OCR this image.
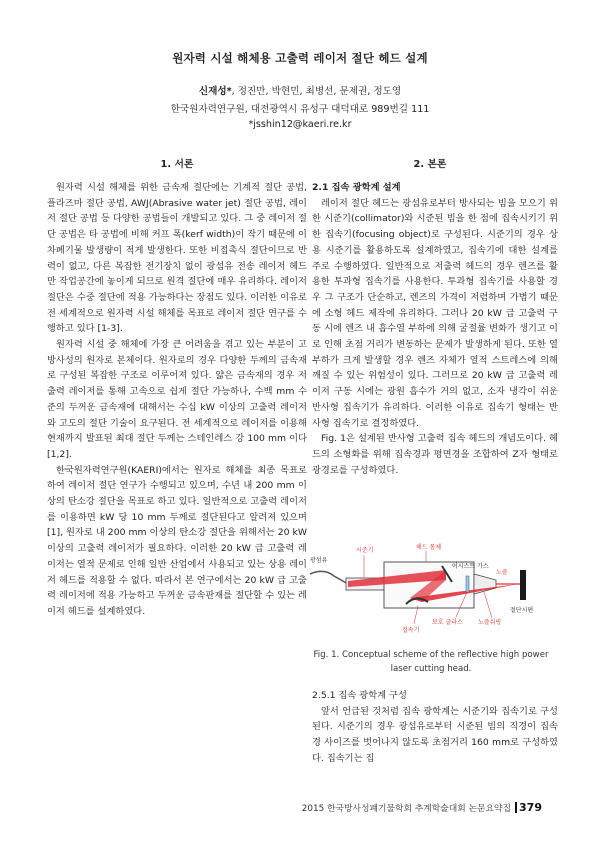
원자력 시설 해체용 고출력 레이저 절단 헤드 설계
신재성*, 정진만, 박현민, 최병선, 문제권, 정도영
한국원자력연구원, 대전광역시 유성구 대덕대로 989번길 111
*jsshin12@kaeri.re.kr
1. 서론

원자력 시설 해체를 위한 금속재 절단에는 기계적 절단 공법, 플라즈마 절단 공법, AWJ(Abrasive water jet) 절단 공법, 레이저 절단 공법 등 다양한 공법들이 개발되고 있다. 그 중 레이저 절단 공법은 타 공법에 비해 커프 폭(kerf width)이 작기 때문에 이차폐기물 발생량이 적게 발생한다. 또한 비접촉식 절단이므로 반력이 없고, 다른 복잡한 전기장치 없이 광섬유 전송 레이저 헤드만 작업공간에 놓이게 되므로 원격 절단에 매우 유리하다. 레이저 절단은 수중 절단에 적용 가능하다는 장점도 있다. 이러한 이유로 전 세계적으로 원자력 시설 해체를 목표로 레이저 절단 연구를 수행하고 있다 [1-3].

원자력 시설 중 해체에 가장 큰 어려움을 겪고 있는 부분이 고방사성의 원자로 본체이다. 원자로의 경우 다양한 두께의 금속재로 구성된 복잡한 구조로 이루어져 있다. 얇은 금속재의 경우 저출력 레이저를 통해 고속으로 쉽게 절단 가능하나, 수백 mm 수준의 두꺼운 금속재에 대해서는 수십 kW 이상의 고출력 레이저와 고도의 절단 기술이 요구된다. 전 세계적으로 레이저를 이용해 현재까지 발표된 최대 절단 두께는 스테인레스 강 100 mm 이다 [1,2].

한국원자력연구원(KAERI)에서는 원자로 해체를 최종 목표로 하여 레이저 절단 연구가 수행되고 있으며, 수년 내 200 mm 이상의 탄소강 절단을 목표로 하고 있다. 일반적으로 고출력 레이저를 이용하면 kW 당 10 mm 두께로 절단된다고 알려져 있으며[1], 원자로 내 200 mm 이상의 탄소강 절단을 위해서는 20 kW 이상의 고출력 레이저가 필요하다. 이러한 20 kW 급 고출력 레이저는 열적 문제로 인해 일반 산업에서 사용되고 있는 상용 레이저 헤드를 적용할 수 없다. 따라서 본 연구에서는 20 kW 급 고출력 레이저에 적용 가능하고 두꺼운 금속판재를 절단할 수 있는 레이저 헤드를 설계하였다.

2. 본론

2.1 집속 광학계 설계

레이저 절단 헤드는 광섬유로부터 방사되는 빔을 모으기 위한 시준기(collimator)와 시준된 빔을 한 점에 집속시키기 위한 집속기(focusing object)로 구성된다. 시준기의 경우 상용 시준기를 활용하도록 설계하였고, 집속기에 대한 설계를 주로 수행하였다. 일반적으로 저출력 헤드의 경우 렌즈를 활용한 투과형 집속기를 사용한다. 투과형 집속기를 사용할 경우 그 구조가 단순하고, 렌즈의 가격이 저렴하며 가볍기 때문에 소형 헤드 제작에 유리하다. 그러나 20 kW 급 고출력 구동 시에 렌즈 내 흡수열 부하에 의해 굴절률 변화가 생기고 이로 인해 초점 거리가 변동하는 문제가 발생하게 된다. 또한 열 부하가 크게 발생할 경우 렌즈 자체가 열적 스트레스에 의해 깨질 수 있는 위험성이 있다. 그러므로 20 kW 급 고출력 레이저 구동 시에는 광원 흡수가 거의 없고, 소자 냉각이 쉬운 반사형 집속기가 유리하다. 이러한 이유로 집속기 형태는 반사형 집속기로 결정하였다.

Fig. 1은 설계된 반사형 고출력 집속 헤드의 개념도이다. 헤드의 소형화를 위해 집속경과 평면경을 조합하여 Z자 형태로 광경로를 구성하였다.

광섬유
시준기	헤드 몸체
어시스트 가스
노즐
절단시편
집속기
보호 글라스	노즐쉬링
Fig. 1. Conceptual scheme of the reflective high power laser cutting head.

2.5.1 집속 광학계 구성

앞서 언급된 것처럼 집속 광학계는 시준기와 집속기로 구성된다. 시준기의 경우 광섬유로부터 시준된 빔의 직경이 집속경 사이즈를 벗어나지 않도록 초점거리 160 mm로 구성하였다. 집속기는 집

2015 한국방사성폐기물학회 추계학술대회 논문요약집 379
